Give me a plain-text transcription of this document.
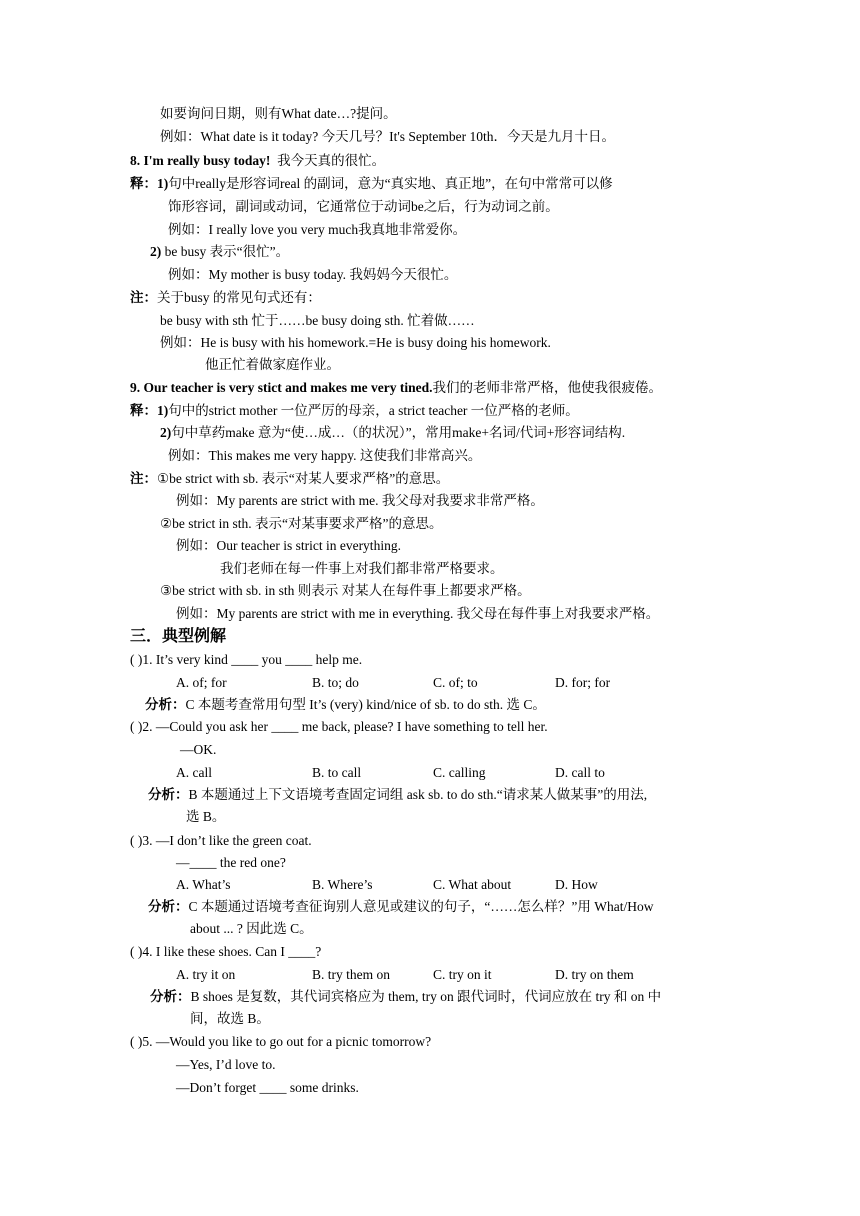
如要询问日期，则有What date…?提问。
例如：What date is it today? 今天几号？It's September 10th．今天是九月十日。
8. I'm really busy today! 我今天真的很忙。
释：1)句中really是形容词real 的副词，意为“真实地、真正地”，在句中常常可以修
饰形容词，副词或动词，它通常位于动词be之后，行为动词之前。
例如：I really love you very much我真地非常爱你。
2) be busy 表示“很忙”。
例如：My mother is busy today. 我妈妈今天很忙。
注：关于busy 的常见句式还有：
be busy with sth 忙于……be busy doing sth. 忙着做……
例如：He is busy with his homework.=He is busy doing his homework.
他正忙着做家庭作业。
9. Our teacher is very stict and makes me very tined.我们的老师非常严格，他使我很疲倦。
释：1)句中的strict mother 一位严厉的母亲，a strict teacher 一位严格的老师。
2)句中草药make 意为“使…成…（的状况）”，常用make+名词/代词+形容词结构.
例如：This makes me very happy. 这使我们非常高兴。
注：①be strict with sb. 表示“对某人要求严格”的意思。
例如：My parents are strict with me. 我父母对我要求非常严格。
②be strict in sth. 表示“对某事要求严格”的意思。
例如：Our teacher is strict in everything.
我们老师在每一件事上对我们都非常严格要求。
③be strict with sb. in sth 则表示 对某人在每件事上都要求严格。
例如：My parents are strict with me in everything. 我父母在每件事上对我要求严格。
三．典型例解
( )1. It’s very kind ____ you ____ help me.
A. of; for	B. to; do	C. of; to	D. for; for
分析：C 本题考查常用句型 It’s (very) kind/nice of sb. to do sth. 选 C。
( )2. —Could you ask her ____ me back, please? I have something to tell her.
—OK.
A. call	B. to call	C. calling	D. call to
分析：B 本题通过上下文语境考查固定词组 ask sb. to do sth.“请求某人做某事”的用法,
选 B。
( )3. —I don’t like the green coat.
—____ the red one?
A. What’s	B. Where’s	C. What about	D. How
分析：C 本题通过语境考查征询别人意见或建议的句子，“……怎么样？”用 What/How
about ... ? 因此选 C。
( )4. I like these shoes. Can I ____?
A. try it on	B. try them on	C. try on it	D. try on them
分析：B shoes 是复数，其代词宾格应为 them, try on 跟代词时，代词应放在 try 和 on 中
间，故选 B。
( )5. —Would you like to go out for a picnic tomorrow?
—Yes, I’d love to.
—Don’t forget ____ some drinks.
